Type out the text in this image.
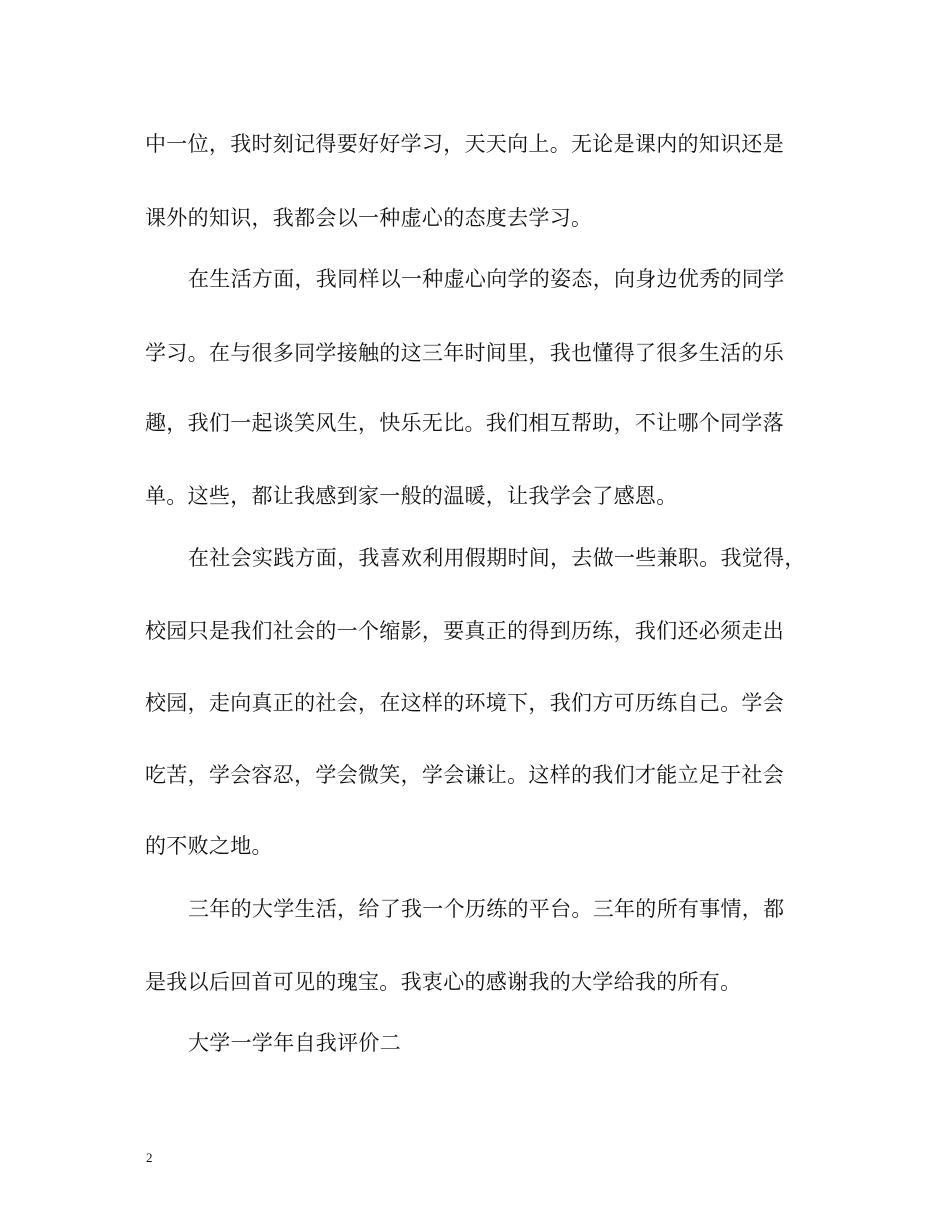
中一位，我时刻记得要好好学习，天天向上。无论是课内的知识还是
课外的知识，我都会以一种虚心的态度去学习。
在生活方面，我同样以一种虚心向学的姿态，向身边优秀的同学
学习。在与很多同学接触的这三年时间里，我也懂得了很多生活的乐
趣，我们一起谈笑风生，快乐无比。我们相互帮助，不让哪个同学落
单。这些，都让我感到家一般的温暖，让我学会了感恩。
在社会实践方面，我喜欢利用假期时间，去做一些兼职。我觉得，
校园只是我们社会的一个缩影，要真正的得到历练，我们还必须走出
校园，走向真正的社会，在这样的环境下，我们方可历练自己。学会
吃苦，学会容忍，学会微笑，学会谦让。这样的我们才能立足于社会
的不败之地。
三年的大学生活，给了我一个历练的平台。三年的所有事情，都
是我以后回首可见的瑰宝。我衷心的感谢我的大学给我的所有。
大学一学年自我评价二
2
